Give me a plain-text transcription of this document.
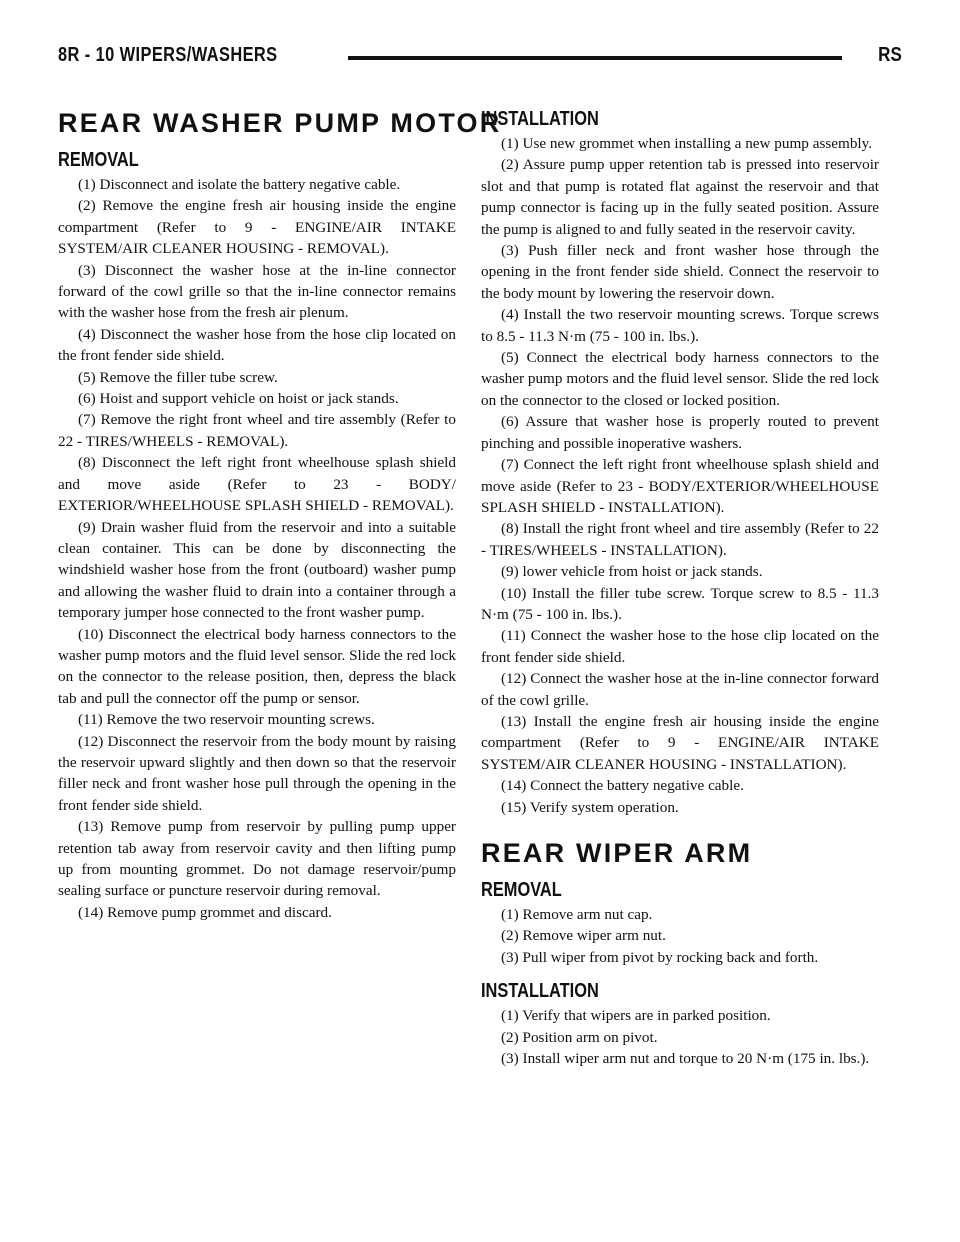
8R - 10 WIPERS/WASHERS	RS
REAR WASHER PUMP MOTOR
REMOVAL

(1) Disconnect and isolate the battery negative cable.

(2) Remove the engine fresh air housing inside the engine compartment (Refer to 9 - ENGINE/AIR INTAKE SYSTEM/AIR CLEANER HOUSING - REMOVAL).

(3) Disconnect the washer hose at the in-line connector forward of the cowl grille so that the in-line connector remains with the washer hose from the fresh air plenum.

(4) Disconnect the washer hose from the hose clip located on the front fender side shield.

(5) Remove the filler tube screw.

(6) Hoist and support vehicle on hoist or jack stands.

(7) Remove the right front wheel and tire assembly (Refer to 22 - TIRES/WHEELS - REMOVAL).

(8) Disconnect the left right front wheelhouse splash shield and move aside (Refer to 23 - BODY/ EXTERIOR/WHEELHOUSE SPLASH SHIELD - REMOVAL).

(9) Drain washer fluid from the reservoir and into a suitable clean container. This can be done by disconnecting the windshield washer hose from the front (outboard) washer pump and allowing the washer fluid to drain into a container through a temporary jumper hose connected to the front washer pump.

(10) Disconnect the electrical body harness connectors to the washer pump motors and the fluid level sensor. Slide the red lock on the connector to the release position, then, depress the black tab and pull the connector off the pump or sensor.

(11) Remove the two reservoir mounting screws.

(12) Disconnect the reservoir from the body mount by raising the reservoir upward slightly and then down so that the reservoir filler neck and front washer hose pull through the opening in the front fender side shield.

(13) Remove pump from reservoir by pulling pump upper retention tab away from reservoir cavity and then lifting pump up from mounting grommet. Do not damage reservoir/pump sealing surface or puncture reservoir during removal.

(14) Remove pump grommet and discard.

INSTALLATION

(1) Use new grommet when installing a new pump assembly.

(2) Assure pump upper retention tab is pressed into reservoir slot and that pump is rotated flat against the reservoir and that pump connector is facing up in the fully seated position. Assure the pump is aligned to and fully seated in the reservoir cavity.

(3) Push filler neck and front washer hose through the opening in the front fender side shield. Connect the reservoir to the body mount by lowering the reservoir down.

(4) Install the two reservoir mounting screws. Torque screws to 8.5 - 11.3 N·m (75 - 100 in. lbs.).

(5) Connect the electrical body harness connectors to the washer pump motors and the fluid level sensor. Slide the red lock on the connector to the closed or locked position.

(6) Assure that washer hose is properly routed to prevent pinching and possible inoperative washers.

(7) Connect the left right front wheelhouse splash shield and move aside (Refer to 23 - BODY/EXTERIOR/WHEELHOUSE SPLASH SHIELD - INSTALLATION).

(8) Install the right front wheel and tire assembly (Refer to 22 - TIRES/WHEELS - INSTALLATION).

(9) lower vehicle from hoist or jack stands.

(10) Install the filler tube screw. Torque screw to 8.5 - 11.3 N·m (75 - 100 in. lbs.).

(11) Connect the washer hose to the hose clip located on the front fender side shield.

(12) Connect the washer hose at the in-line connector forward of the cowl grille.

(13) Install the engine fresh air housing inside the engine compartment (Refer to 9 - ENGINE/AIR INTAKE SYSTEM/AIR CLEANER HOUSING - INSTALLATION).

(14) Connect the battery negative cable.

(15) Verify system operation.

REAR WIPER ARM
REMOVAL

(1) Remove arm nut cap.

(2) Remove wiper arm nut.

(3) Pull wiper from pivot by rocking back and forth.

INSTALLATION

(1) Verify that wipers are in parked position.

(2) Position arm on pivot.

(3) Install wiper arm nut and torque to 20 N·m (175 in. lbs.).
